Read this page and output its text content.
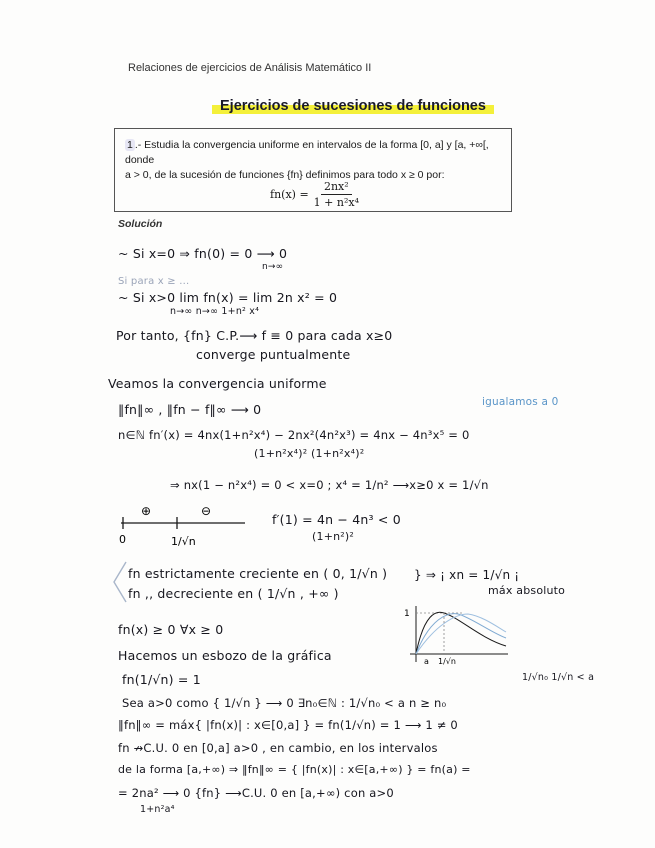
Relaciones de ejercicios de Análisis Matemático II
Ejercicios de sucesiones de funciones
1 .- Estudia la convergencia uniforme en intervalos de la forma [0, a] y [a, +∞[, donde
a > 0, de la sucesión de funciones {fn} definimos para todo x ≥ 0 por:
$fn(x) = \frac{\text{2nx²}}{\text{1 + n²x⁴}}$
Solución
~ Si x=0 ⇒ fn(0) = 0 ⟶ 0
n→∞
Si para x ≥ ...
~ Si x>0 lim fn(x) = lim 2n x² = 0
n→∞ n→∞ 1+n² x⁴
Por tanto, {fn} C.P.⟶ f ≡ 0 para cada x≥0
converge puntualmente
Veamos la convergencia uniforme
‖fn‖∞ , ‖fn − f‖∞ ⟶ 0	igualamos a 0
n∈ℕ fn′(x) = 4nx(1+n²x⁴) − 2nx²(4n²x³) = 4nx − 4n³x⁵ = 0
(1+n²x⁴)² (1+n²x⁴)²
⇒ nx(1 − n²x⁴) = 0 < x=0 ; x⁴ = 1/n² ⟶x≥0 x = 1/√n
f′(1) = 4n − 4n³ < 0
(1+n²)²
⊕	⊖
0	1/√n
fn estrictamente creciente en ( 0, 1/√n )
fn ,, decreciente en ( 1/√n , +∞ )
} ⇒ ¡ xn = 1/√n ¡
máx absoluto
fn(x) ≥ 0 ∀x ≥ 0
Hacemos un esbozo de la gráfica
1
a 1/√n
1/√n₀ 1/√n < a
fn(1/√n) = 1
Sea a>0 como { 1/√n } ⟶ 0 ∃n₀∈ℕ : 1/√n₀ < a n ≥ n₀
‖fn‖∞ = máx{ |fn(x)| : x∈[0,a] } = fn(1/√n) = 1 ⟶ 1 ≠ 0
fn ↛C.U. 0 en [0,a] a>0 , en cambio, en los intervalos
de la forma [a,+∞) ⇒ ‖fn‖∞ = { |fn(x)| : x∈[a,+∞) } = fn(a) =
= 2na² ⟶ 0 {fn} ⟶C.U. 0 en [a,+∞) con a>0
1+n²a⁴
